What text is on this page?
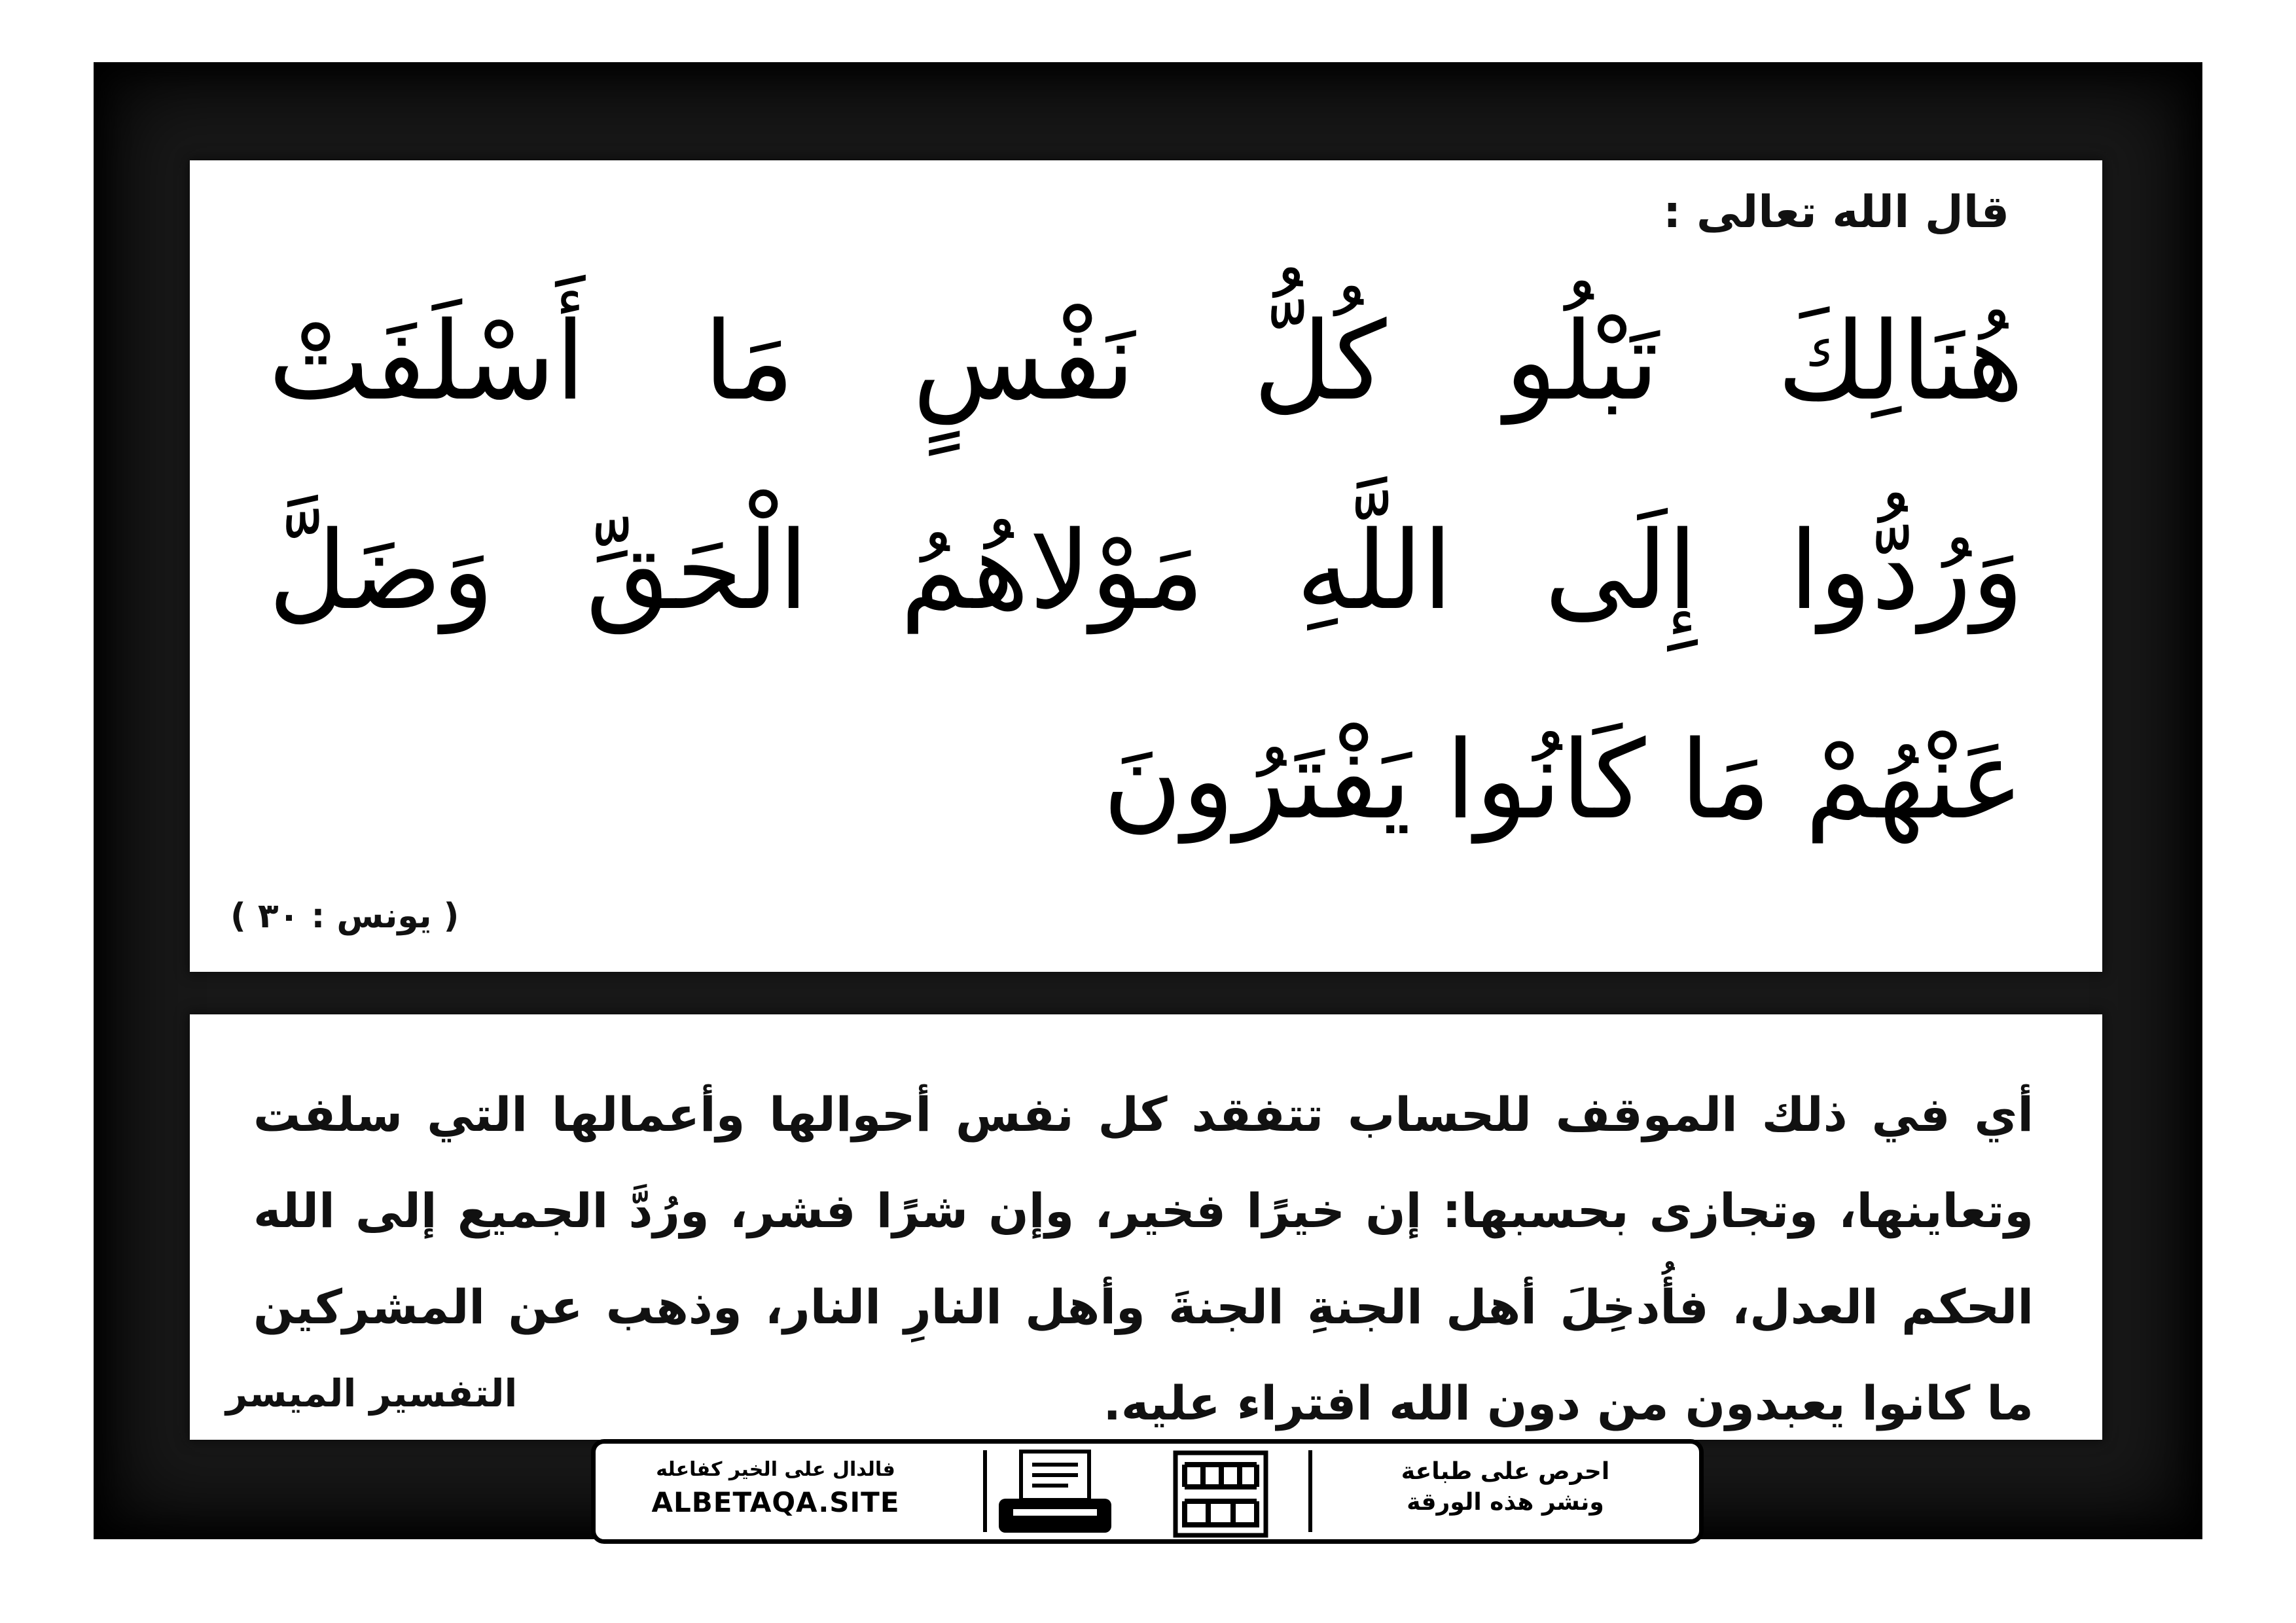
قال الله تعالى :
هُنَالِكَ تَبْلُو كُلُّ نَفْسٍ مَا أَسْلَفَتْ
وَرُدُّوا إِلَى اللَّهِ مَوْلاهُمُ الْحَقِّ وَضَلَّ
عَنْهُمْ مَا كَانُوا يَفْتَرُونَ
( يونس : ٣٠ )
أي في ذلك الموقف للحساب تتفقد كل نفس أحوالها وأعمالها التي سلفت
وتعاينها، وتجازى بحسبها: إن خيرًا فخير، وإن شرًا فشر، ورُدَّ الجميع إلى الله
الحكم العدل، فأُدخِلَ أهل الجنةِ الجنةَ وأهل النارِ النار، وذهب عن المشركين
ما كانوا يعبدون من دون الله افتراء عليه.
التفسير الميسر
فالدال على الخير كفاعله
ALBETAQA.SITE
احرص على طباعة
ونشر هذه الورقة
